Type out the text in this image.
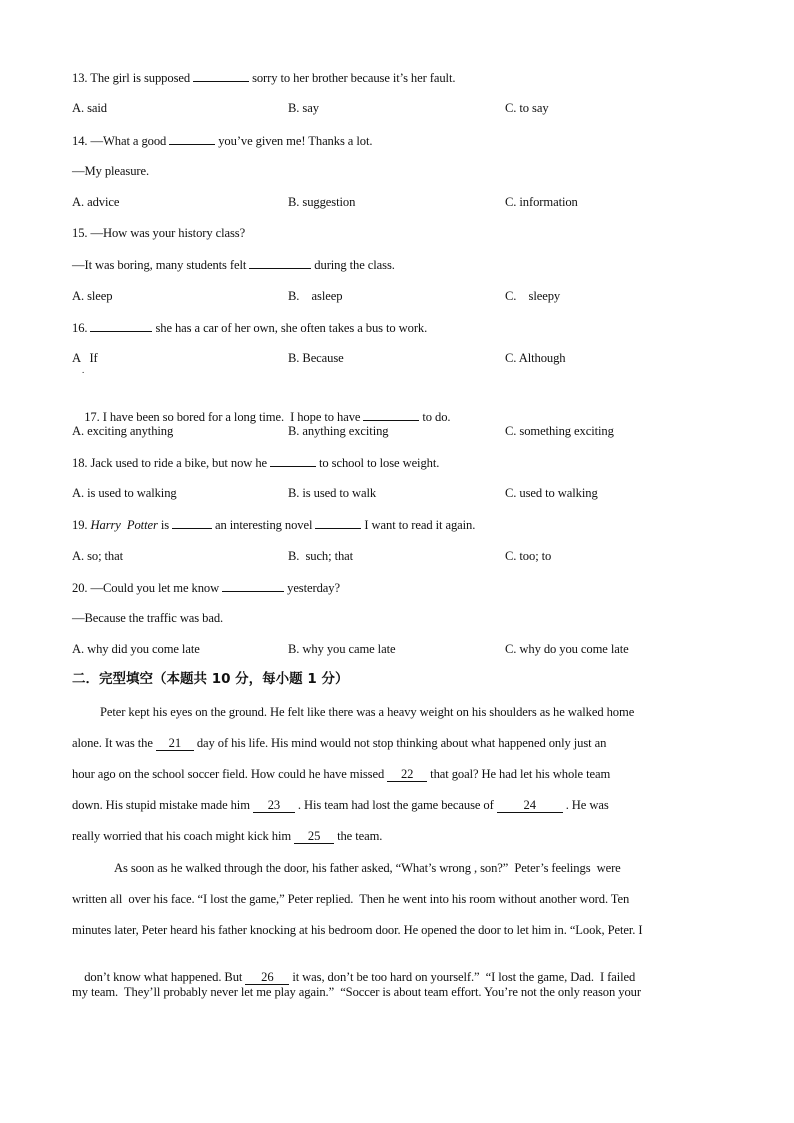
13. The girl is supposed	sorry to her brother because it’s her fault.
A. said	B. say	C. to say
14. —What a good	you’ve given me! Thanks a lot.
—My pleasure.
A. advice	B. suggestion	C. information
15. —How was your history class?
—It was boring, many students felt	during the class.
A. sleep	B.    asleep	C.    sleepy
16.	she has a car of her own, she often takes a bus to work.
A   If
.
B. Because	C. Although

17. I have been so bored for a long time.  I hope to have	to do.

A. exciting anything	B. anything exciting	C. something exciting
18. Jack used to ride a bike, but now he	to school to lose weight.
A. is used to walking	B. is used to walk	C. used to walking
19. Harry  Potter is	an interesting novel	I want to read it again.
A. so; that	B.  such; that	C. too; to
20. —Could you let me know	yesterday?
—Because the traffic was bad.
A. why did you come late	B. why you came late	C. why do you come late
二．完型填空（本题共 10 分，每小题 1 分）
Peter kept his eyes on the ground. He felt like there was a heavy weight on his shoulders as he walked home
alone. It was the 21 day of his life. His mind would not stop thinking about what happened only just an
hour ago on the school soccer field. How could he have missed 22 that goal? He had let his whole team
down. His stupid mistake made him 23 . His team had lost the game because of 24 . He was
really worried that his coach might kick him 25 the team.
As soon as he walked through the door, his father asked, “What’s wrong , son?”  Peter’s feelings  were
written all  over his face. “I lost the game,” Peter replied.  Then he went into his room without another word. Ten
minutes later, Peter heard his father knocking at his bedroom door. He opened the door to let him in. “Look, Peter. I

don’t know what happened. But 26 it was, don’t be too hard on yourself.”  “I lost the game, Dad.  I failed

my team.  They’ll probably never let me play again.”  “Soccer is about team effort. You’re not the only reason your
